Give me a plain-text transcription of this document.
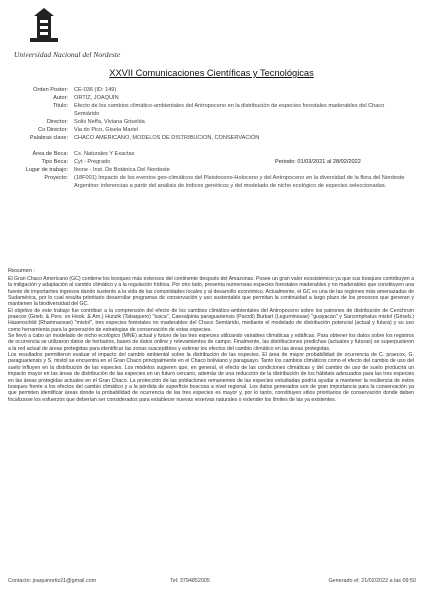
Universidad Nacional del Nordeste
XXVII Comunicaciones Científicas y Tecnológicas
Orden Poster:	CE-036 (ID: 149)
Autor:	ORTIZ, JOAQUÍN
Titulo:	Efecto de los cambios climático-ambientales del Antropoceno en la distribución de especies forestales maderables del Chaco Semiárido
Director:	Solis Neffa, Viviana Griselda
Co Director:	Via do Pico, Gisela Mariel
Palabras clave:	CHACO AMERICANO, MODELOS DE DISTRIBUCION, CONSERVACIÓN
Área de Beca:	Cs. Naturales Y Exactas
Tipo Beca:	Cyt - Pregrado	Periodo: 01/03/2021 al 28/02/2022
Lugar de trabajo:	Ibone - Inst. De Botánica Del Nordeste
Proyecto:	(18F001) Impacto de los eventos geo-climáticos del Pleistoceno-Holoceno y del Antropoceno en la diversidad de la flora del Nordeste Argentino: inferencias a partir del análisis de índices genéticos y del modelado de nicho ecológico de especies seleccionadas.
Resumen :

El Gran Chaco Americano (GC) contiene los bosques más extensos del continente después del Amazonas. Posee un gran valor ecosistémico ya que sus bosques contribuyen a la mitigación y adaptación al cambio climático y a la regulación hídrica. Por otro lado, presenta numerosas especies forestales maderables y no maderables que constituyen una fuente de importantes ingresos dando sustento a la vida de las comunidades locales y al desarrollo económico. Actualmente, el GC es una de las regiones más amenazadas de Sudamérica, por lo cual resulta prioritario desarrollar programas de conservación y uso sustentable que permitan la continuidad a largo plazo de los procesos que generan y mantienen la biodiversidad del GC.

El objetivo de este trabajo fue contribuir a la comprensión del efecto de los cambios climático-ambientales del Antropoceno sobre los patrones de distribución de Cenchrum praecox (Grieb. & Pers. ex Hook. & Arn.) Hunzik (Tabaquero) "tusca", Caesalpinia paraguariensis (Parodi) Burkart (Leguminosae) "guayacán" y Sarcomphalus mistol (Griseb.) Hauenschild (Rhamnaceae) "mistol", tres especies forestales no maderables del Chaco Semiárido, mediante el modelado de distribución potencial (actual y futura) y su uso como herramienta para la generación de estrategias de conservación de estas especies.

Se llevó a cabo un modelado de nicho ecológico (MNE) actual y futuro de las tres especies utilizando variables climáticas y edáficas. Para obtener los datos sobre los registros de ocurrencia se utilizaron datos de herbarios, bases de datos online y relevamientos de campo. Finalmente, las distribuciones predichas (actuales y futuras) se superpusieron a la red actual de áreas protegidas para identificar las zonas susceptibles y estimar los efectos del cambio climático en las áreas protegidas.

Los resultados permitieron evaluar el impacto del cambio ambiental sobre la distribución de las especies. El área de mayor probabilidad de ocurrencia de C. praecox, G. paraguariensis y S. mistol se encuentra en el Gran Chaco principalmente en el Chaco boliviano y paraguayo. Tanto los cambios climáticos como el efecto del cambio de uso del suelo influyen en la distribución de las especies. Los modelos sugieren que, en general, el efecto de las condiciones climáticas y del cambio de uso de suelo producirá un impacto mayor en las áreas de distribución de las especies en un futuro cercano, además de una reducción de la distribución de los hábitats adecuados para las tres especies en las áreas protegidas actuales en el Gran Chaco. La protección de las poblaciones remanentes de las especies estudiadas podría ayudar a mantener la resiliencia de estos bosques frente a los efectos del cambio climático y a la pérdida de superficie boscosa a nivel regional. Los datos generados son de gran importancia para la conservación ya que permiten identificar áreas donde la probabilidad de ocurrencia de las tres especies es mayor y, por lo tanto, constituyen sitios prioritarios de conservación donde deben focalizarse los esfuerzos que deberían ser considerados para establecer nuevas reservas naturales o extender los límites de las ya existentes.

Contacto: joaquinortiz21@gmail.com	Tel: 3794852005	Generado el: 21/02/2022 a las 09:50
